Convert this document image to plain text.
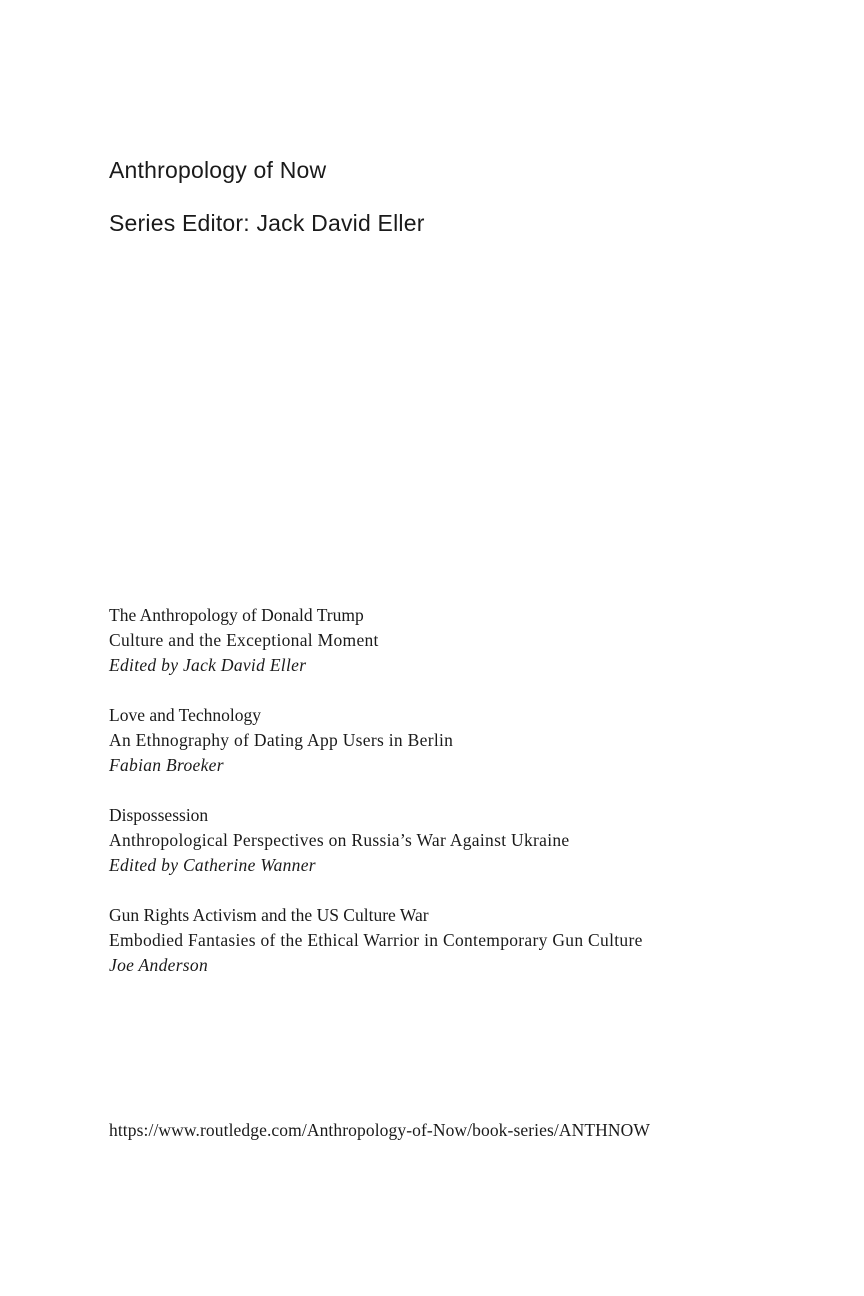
Anthropology of Now

Series Editor: Jack David Eller

The Anthropology of Donald Trump
Culture and the Exceptional Moment
Edited by Jack David Eller
Love and Technology
An Ethnography of Dating App Users in Berlin
Fabian Broeker
Dispossession
Anthropological Perspectives on Russia’s War Against Ukraine
Edited by Catherine Wanner
Gun Rights Activism and the US Culture War
Embodied Fantasies of the Ethical Warrior in Contemporary Gun Culture
Joe Anderson

https://www.routledge.com/Anthropology-of-Now/book-series/ANTHNOW
